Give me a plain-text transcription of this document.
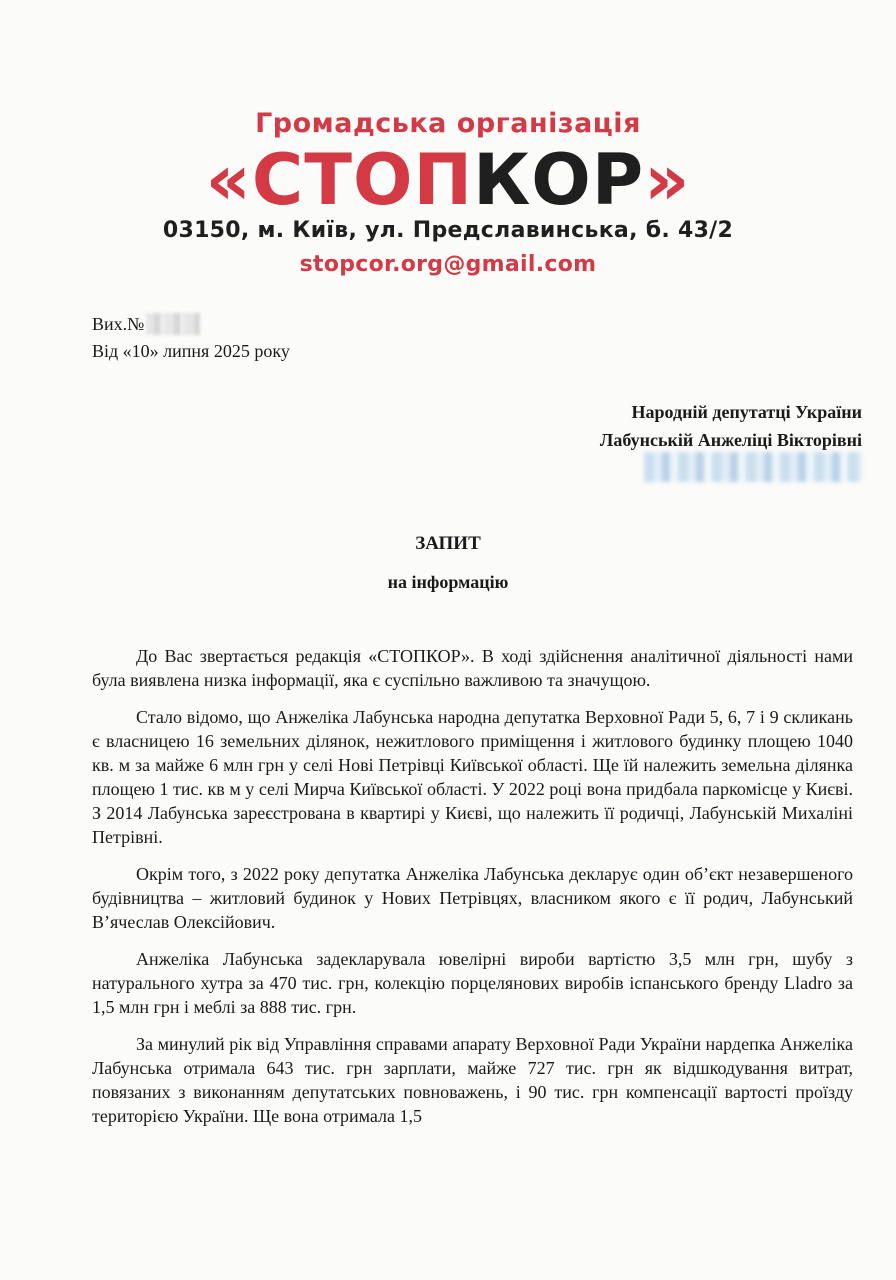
Громадська організація
«СТОПКОР»
03150, м. Київ, ул. Предславинська, б. 43/2
stopcor.org@gmail.com
Вих.№
Від «10» липня 2025 року
Народній депутатці України
Лабунській Анжеліці Вікторівні
ЗАПИТ
на інформацію

До Вас звертається редакція «СТОПКОР». В ході здійснення аналітичної діяльності нами була виявлена низка інформації, яка є суспільно важливою та значущою.

Стало відомо, що Анжеліка Лабунська народна депутатка Верховної Ради 5, 6, 7 і 9 скликань є власницею 16 земельних ділянок, нежитлового приміщення і житлового будинку площею 1040 кв. м за майже 6 млн грн у селі Нові Петрівці Київської області. Ще їй належить земельна ділянка площею 1 тис. кв м у селі Мирча Київської області. У 2022 році вона придбала паркомісце у Києві. З 2014 Лабунська зареєстрована в квартирі у Києві, що належить її родичці, Лабунській Михаліні Петрівні.

Окрім того, з 2022 року депутатка Анжеліка Лабунська декларує один об’єкт незавершеного будівництва – житловий будинок у Нових Петрівцях, власником якого є її родич, Лабунський В’ячеслав Олексійович.

Анжеліка Лабунська задекларувала ювелірні вироби вартістю 3,5 млн грн, шубу з натурального хутра за 470 тис. грн, колекцію порцелянових виробів іспанського бренду Lladro за 1,5 млн грн і меблі за 888 тис. грн.

За минулий рік від Управління справами апарату Верховної Ради України нардепка Анжеліка Лабунська отримала 643 тис. грн зарплати, майже 727 тис. грн як відшкодування витрат, повязаних з виконанням депутатських повноважень, і 90 тис. грн компенсації вартості проїзду територією України. Ще вона отримала 1,5
